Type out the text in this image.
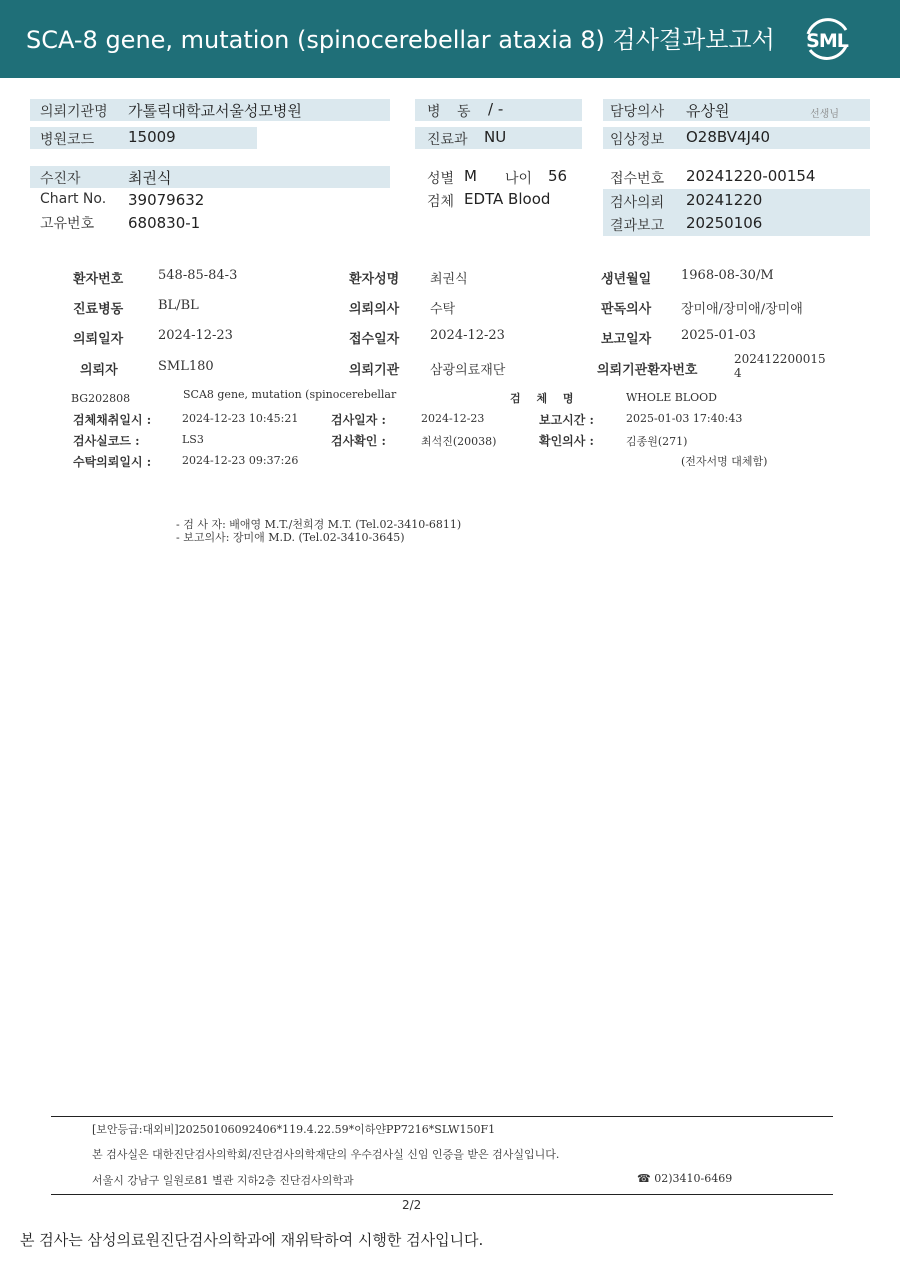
SCA-8 gene, mutation (spinocerebellar ataxia 8) 검사결과보고서 SML
의뢰기관명 가톨릭대학교서울성모병원	병 동 / -	담당의사 유상원	선생님
병원코드 15009	진료과 NU	임상정보 O28BV4J40
수진자	최권식	성별 M 나이 56	접수번호 20241220-00154
Chart No. 39079632	검체 EDTA Blood	검사의뢰 20241220
고유번호 680830-1	결과보고 20250106
환자번호	548-85-84-3	환자성명 최권식	생년월일 1968-08-30/M
진료병동	BL/BL	의뢰의사 수탁	판독의사 장미애/장미애/장미애
의뢰일자	2024-12-23	접수일자 2024-12-23	보고일자 2025-01-03
의뢰자	SML180	의뢰기관 삼광의료재단	의뢰기관환자번호
202412200015
4
BG202808	SCA8 gene, mutation (spinocerebellar	검 체 명	WHOLE BLOOD
검체채취일시 :	2024-12-23 10:45:21	검사일자 :	2024-12-23	보고시간 :	2025-01-03 17:40:43
검사실코드 :	LS3	검사확인 :	최석진(20038)	확인의사 :	김종원(271)
수탁의뢰일시 :	2024-12-23 09:37:26	(전자서명 대체함)
- 검 사 자: 배애영 M.T./천희경 M.T. (Tel.02-3410-6811)
- 보고의사: 장미애 M.D. (Tel.02-3410-3645)
[보안등급:대외비]20250106092406*119.4.22.59*이하얀PP7216*SLW150F1
본 검사실은 대한진단검사의학회/진단검사의학재단의 우수검사실 신임 인증을 받은 검사실입니다.
서울시 강남구 일원로81 별관 지하2층 진단검사의학과	☎ 02)3410-6469
2/2
본 검사는 삼성의료원진단검사의학과에 재위탁하여 시행한 검사입니다.
